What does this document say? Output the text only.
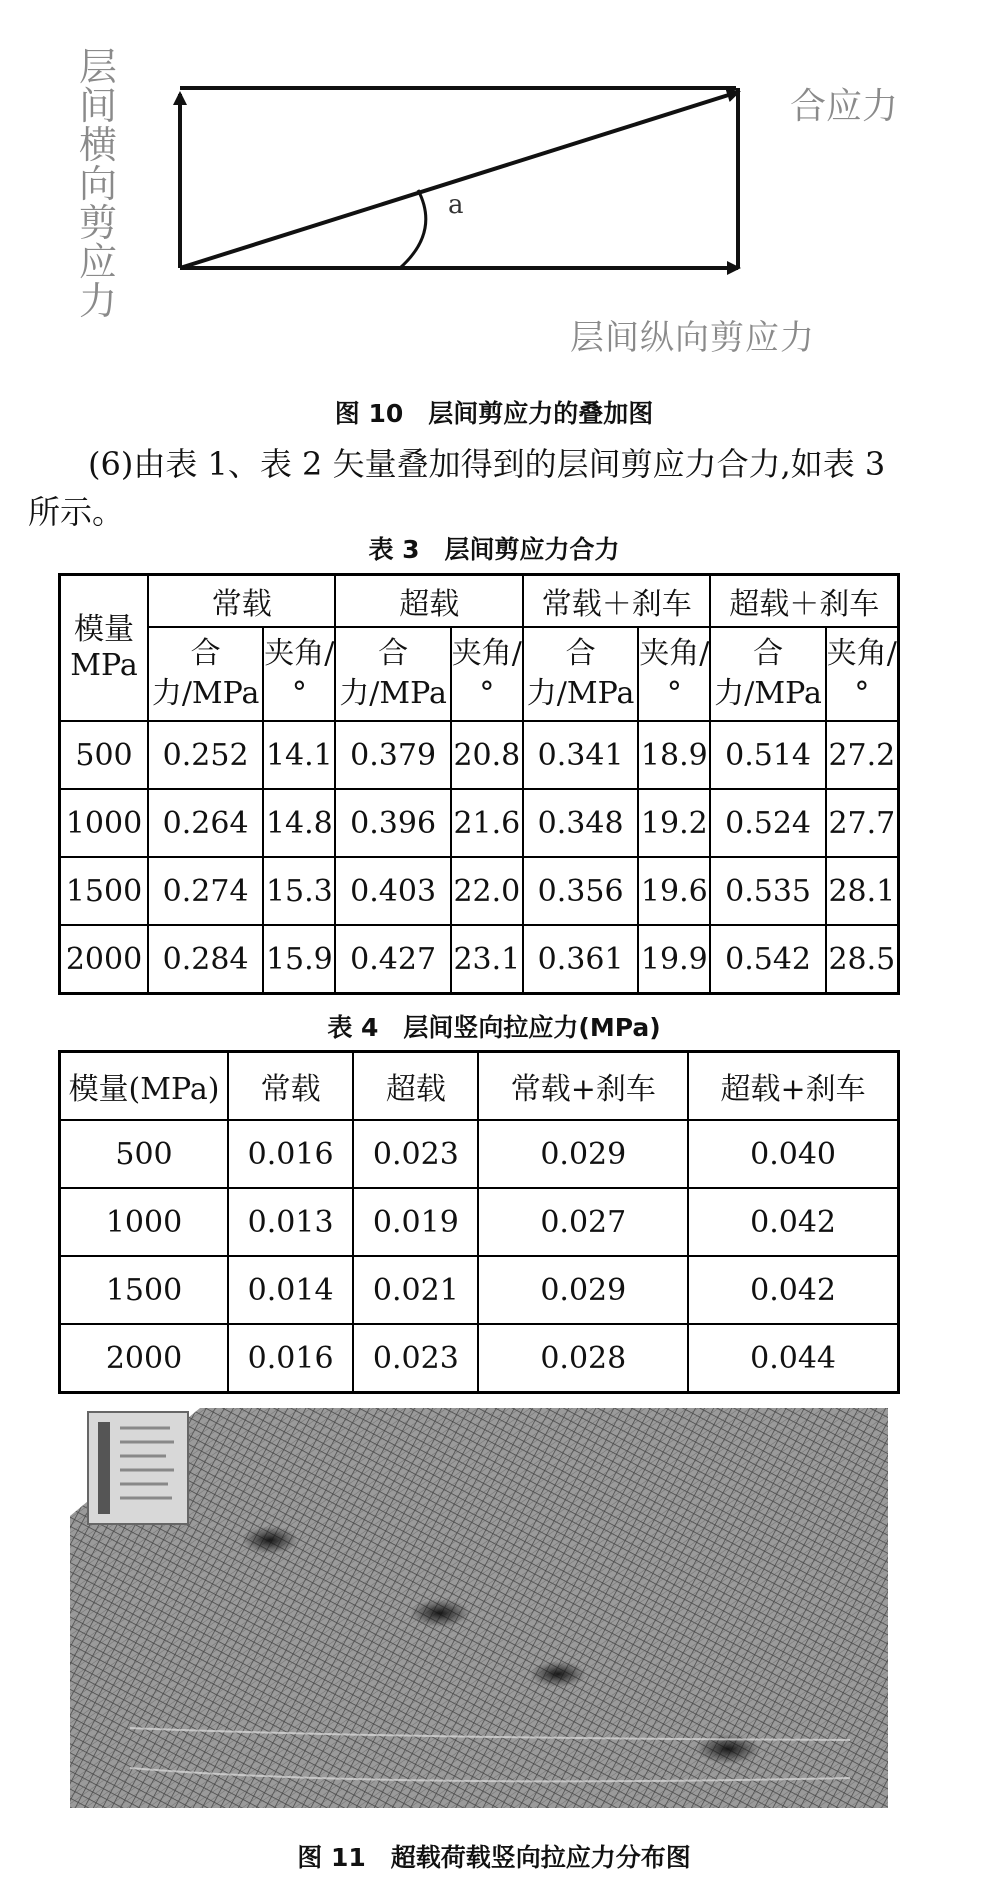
层
间
横
向
剪
应
力
合应力
层间纵向剪应力
a
图 10　层间剪应力的叠加图
(6)由表 1、表 2 矢量叠加得到的层间剪应力合力,如表 3
所示。
表 3　层间剪应力合力
模量MPa	常载		超载		常载＋刹车		超载＋刹车	
	合力/MPa	夹角/°	合力/MPa	夹角/°	合力/MPa	夹角/°	合力/MPa	夹角/°
500	0.252	14.1	0.379	20.8	0.341	18.9	0.514	27.2
1000	0.264	14.8	0.396	21.6	0.348	19.2	0.524	27.7
1500	0.274	15.3	0.403	22.0	0.356	19.6	0.535	28.1
2000	0.284	15.9	0.427	23.1	0.361	19.9	0.542	28.5
表 4　层间竖向拉应力(MPa)
模量(MPa)	常载	超载	常载+刹车	超载+刹车
500	0.016	0.023	0.029	0.040
1000	0.013	0.019	0.027	0.042
1500	0.014	0.021	0.029	0.042
2000	0.016	0.023	0.028	0.044
图 11　超载荷载竖向拉应力分布图
